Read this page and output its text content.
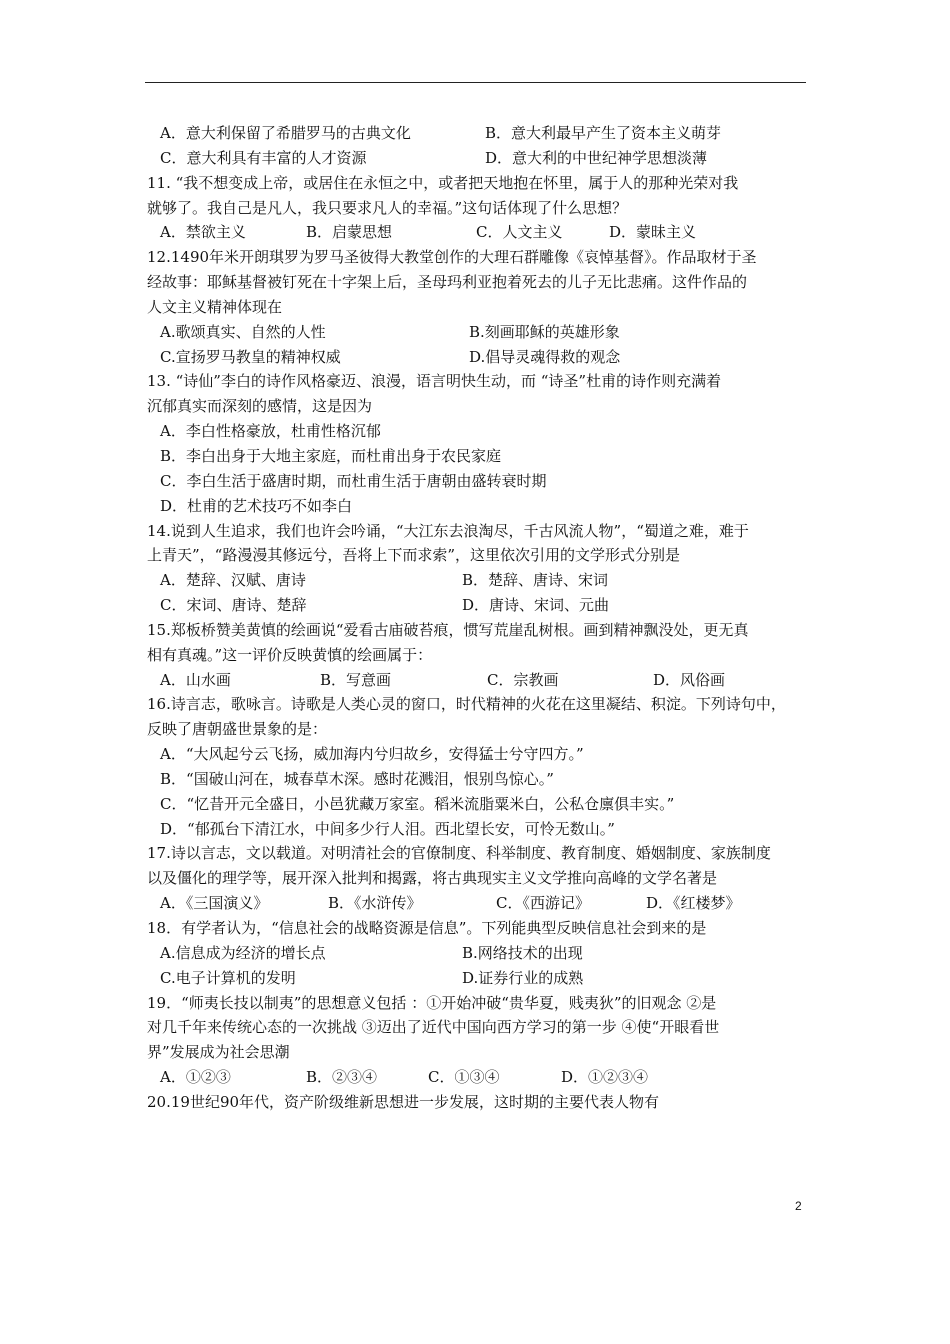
A．意大利保留了希腊罗马的古典文化	B．意大利最早产生了资本主义萌芽
C．意大利具有丰富的人才资源	D．意大利的中世纪神学思想淡薄
11. “我不想变成上帝，或居住在永恒之中，或者把天地抱在怀里，属于人的那种光荣对我
就够了。我自己是凡人，我只要求凡人的幸福。”这句话体现了什么思想？
A．禁欲主义	B．启蒙思想	C．人文主义	D．蒙昧主义
12.1490年米开朗琪罗为罗马圣彼得大教堂创作的大理石群雕像《哀悼基督》。作品取材于圣
经故事：耶稣基督被钉死在十字架上后，圣母玛利亚抱着死去的儿子无比悲痛。这件作品的
人文主义精神体现在
A.歌颂真实、自然的人性	B.刻画耶稣的英雄形象
C.宣扬罗马教皇的精神权威	D.倡导灵魂得救的观念
13. “诗仙”李白的诗作风格豪迈、浪漫，语言明快生动，而 “诗圣”杜甫的诗作则充满着
沉郁真实而深刻的感情，这是因为
A．李白性格豪放，杜甫性格沉郁
B．李白出身于大地主家庭，而杜甫出身于农民家庭
C．李白生活于盛唐时期，而杜甫生活于唐朝由盛转衰时期
D．杜甫的艺术技巧不如李白
14.说到人生追求，我们也许会吟诵，“大江东去浪淘尽，千古风流人物”，“蜀道之难，难于
上青天”，“路漫漫其修远兮，吾将上下而求索”，这里依次引用的文学形式分别是
A．楚辞、汉赋、唐诗	B．楚辞、唐诗、宋词
C．宋词、唐诗、楚辞	D．唐诗、宋词、元曲
15.郑板桥赞美黄慎的绘画说“爱看古庙破苔痕，惯写荒崖乱树根。画到精神飘没处，更无真
相有真魂。”这一评价反映黄慎的绘画属于：
A．山水画	B．写意画	C．宗教画	D．风俗画
16.诗言志，歌咏言。诗歌是人类心灵的窗口，时代精神的火花在这里凝结、积淀。下列诗句中，
反映了唐朝盛世景象的是：
A．“大风起兮云飞扬，威加海内兮归故乡，安得猛士兮守四方。”
B．“国破山河在，城春草木深。感时花溅泪，恨别鸟惊心。”
C．“忆昔开元全盛日，小邑犹藏万家室。稻米流脂粟米白，公私仓廪俱丰实。”
D．“郁孤台下清江水，中间多少行人泪。西北望长安，可怜无数山。”
17.诗以言志，文以载道。对明清社会的官僚制度、科举制度、教育制度、婚姻制度、家族制度
以及僵化的理学等，展开深入批判和揭露，将古典现实主义文学推向高峰的文学名著是
A．《三国演义》	B．《水浒传》	C．《西游记》	D．《红楼梦》
18．有学者认为，“信息社会的战略资源是信息”。下列能典型反映信息社会到来的是
A.信息成为经济的增长点	B.网络技术的出现
C.电子计算机的发明	D.证券行业的成熟
19．“师夷长技以制夷”的思想意义包括 ：①开始冲破“贵华夏，贱夷狄”的旧观念 ②是
对几千年来传统心态的一次挑战 ③迈出了近代中国向西方学习的第一步 ④使“开眼看世
界”发展成为社会思潮
A．①②③	B．②③④	C．①③④	D．①②③④
20.19世纪90年代，资产阶级维新思想进一步发展，这时期的主要代表人物有
2
